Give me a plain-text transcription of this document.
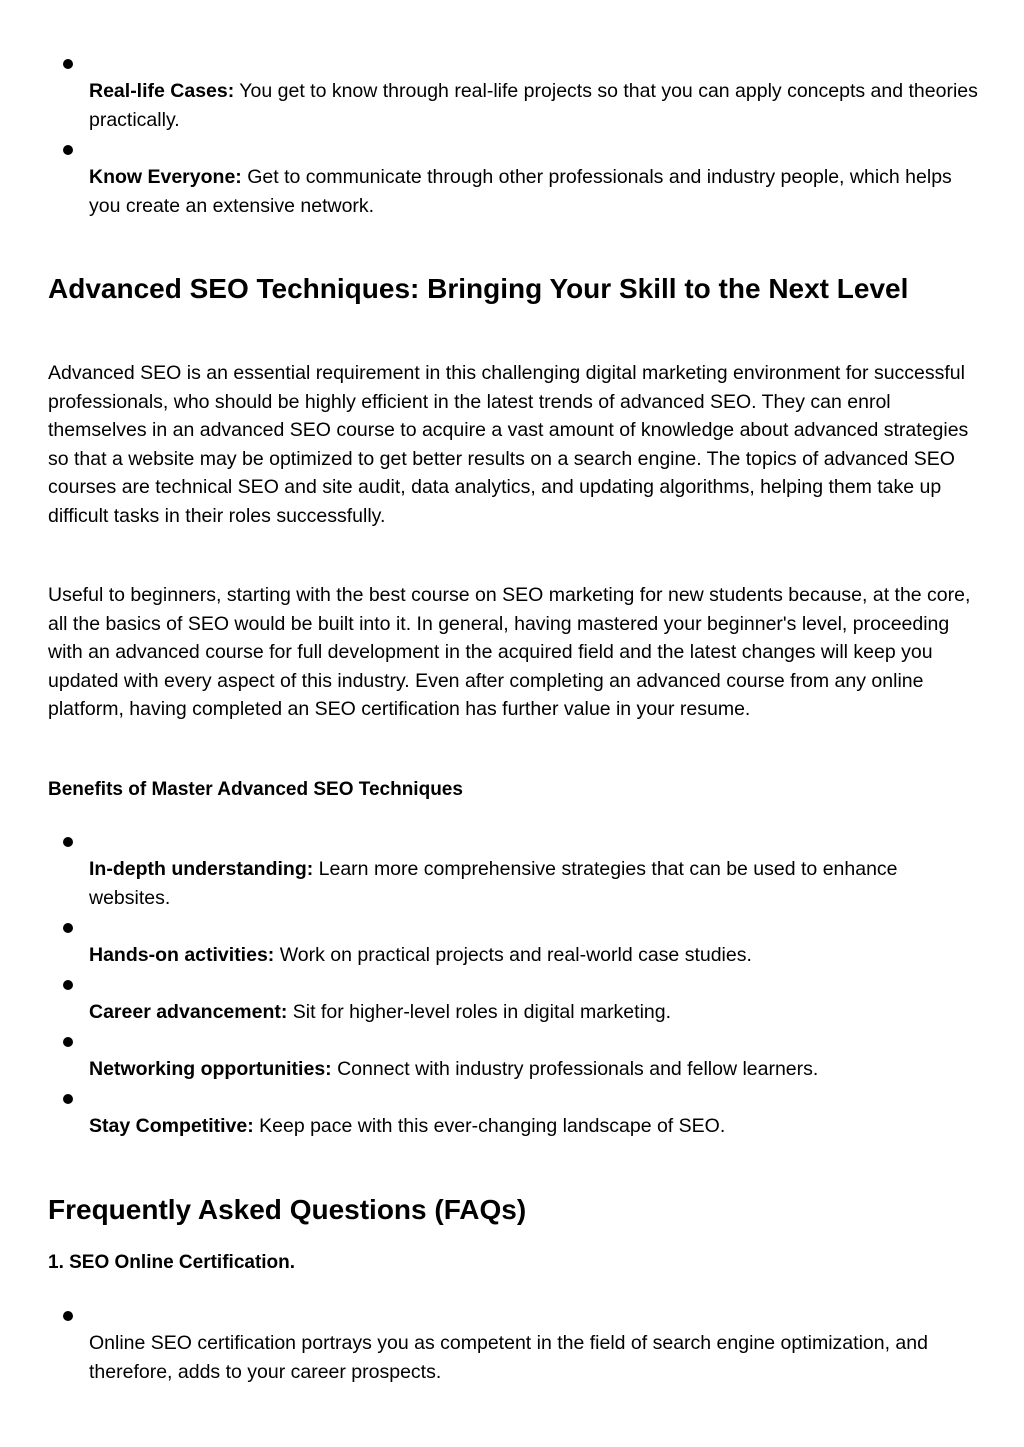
Real-life Cases: You get to know through real-life projects so that you can apply concepts and theories practically.

Know Everyone: Get to communicate through other professionals and industry people, which helps you create an extensive network.

Advanced SEO Techniques: Bringing Your Skill to the Next Level

Advanced SEO is an essential requirement in this challenging digital marketing environment for successful professionals, who should be highly efficient in the latest trends of advanced SEO. They can enrol themselves in an advanced SEO course to acquire a vast amount of knowledge about advanced strategies so that a website may be optimized to get better results on a search engine. The topics of advanced SEO courses are technical SEO and site audit, data analytics, and updating algorithms, helping them take up difficult tasks in their roles successfully.

Useful to beginners, starting with the best course on SEO marketing for new students because, at the core, all the basics of SEO would be built into it. In general, having mastered your beginner's level, proceeding with an advanced course for full development in the acquired field and the latest changes will keep you updated with every aspect of this industry. Even after completing an advanced course from any online platform, having completed an SEO certification has further value in your resume.

Benefits of Master Advanced SEO Techniques

In-depth understanding: Learn more comprehensive strategies that can be used to enhance websites.

Hands-on activities: Work on practical projects and real-world case studies.

Career advancement: Sit for higher-level roles in digital marketing.

Networking opportunities: Connect with industry professionals and fellow learners.

Stay Competitive: Keep pace with this ever-changing landscape of SEO.

Frequently Asked Questions (FAQs)
1. SEO Online Certification.

Online SEO certification portrays you as competent in the field of search engine optimization, and therefore, adds to your career prospects.
